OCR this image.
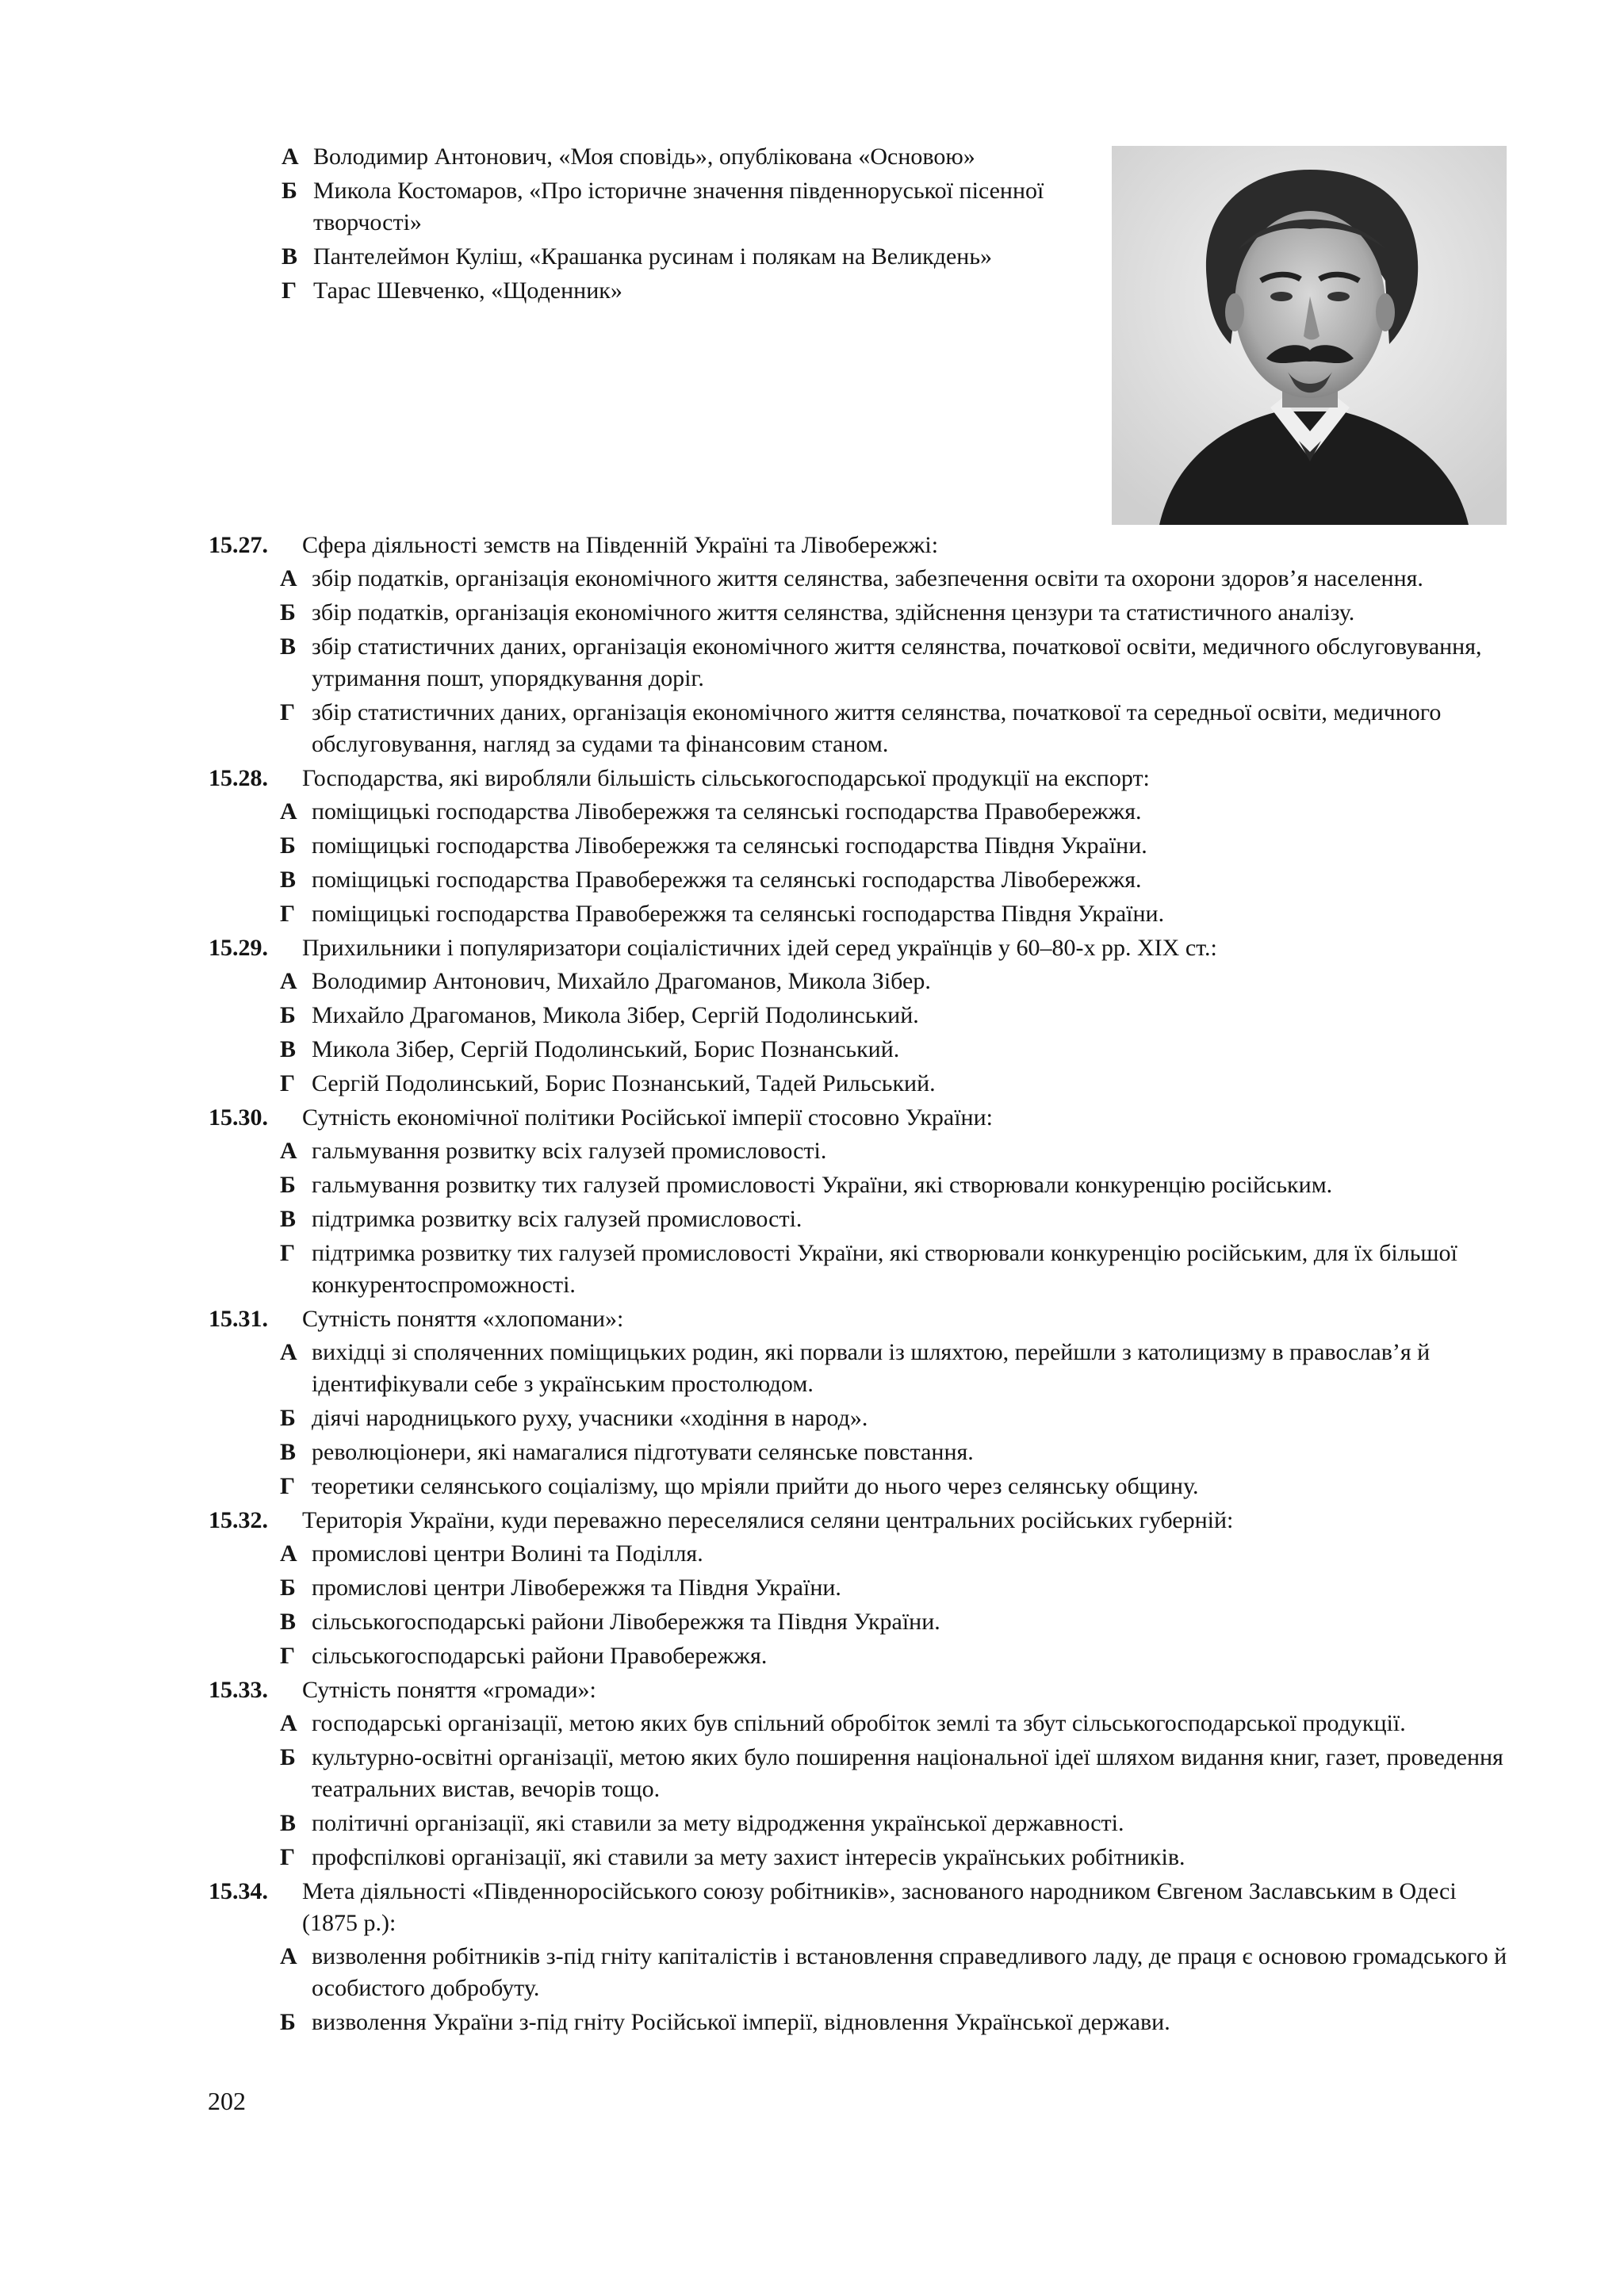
А Володимир Антонович, «Моя сповідь», опублікована «Основою»
Б Микола Костомаров, «Про історичне значення південноруської пісенної творчості»
В Пантелеймон Куліш, «Крашанка русинам і полякам на Великдень»
Г Тарас Шевченко, «Щоденник»
15.27. Сфера діяльності земств на Південній Україні та Лівобережжі:
А збір податків, організація економічного життя селянства, забезпечення освіти та охорони здоров’я населення.
Б збір податків, організація економічного життя селянства, здійснення цензури та статистичного аналізу.
В збір статистичних даних, організація економічного життя селянства, початкової освіти, медичного обслуговування, утримання пошт, упорядкування доріг.
Г збір статистичних даних, організація економічного життя селянства, початкової та середньої освіти, медичного обслуговування, нагляд за судами та фінансовим станом.
15.28. Господарства, які виробляли більшість сільськогосподарської продукції на експорт:
А поміщицькі господарства Лівобережжя та селянські господарства Правобережжя.
Б поміщицькі господарства Лівобережжя та селянські господарства Півдня України.
В поміщицькі господарства Правобережжя та селянські господарства Лівобережжя.
Г поміщицькі господарства Правобережжя та селянські господарства Півдня України.
15.29. Прихильники і популяризатори соціалістичних ідей серед українців у 60–80-х рр. XIX ст.:
А Володимир Антонович, Михайло Драгоманов, Микола Зібер.
Б Михайло Драгоманов, Микола Зібер, Сергій Подолинський.
В Микола Зібер, Сергій Подолинський, Борис Познанський.
Г Сергій Подолинський, Борис Познанський, Тадей Рильський.
15.30. Сутність економічної політики Російської імперії стосовно України:
А гальмування розвитку всіх галузей промисловості.
Б гальмування розвитку тих галузей промисловості України, які створювали конкуренцію російським.
В підтримка розвитку всіх галузей промисловості.
Г підтримка розвитку тих галузей промисловості України, які створювали конкуренцію російським, для їх більшої конкурентоспроможності.
15.31. Сутність поняття «хлопомани»:
А вихідці зі споляченних поміщицьких родин, які порвали із шляхтою, перейшли з католицизму в православ’я й ідентифікували себе з українським простолюдом.
Б діячі народницького руху, учасники «ходіння в народ».
В революціонери, які намагалися підготувати селянське повстання.
Г теоретики селянського соціалізму, що мріяли прийти до нього через селянську общину.
15.32. Територія України, куди переважно переселялися селяни центральних російських губерній:
А промислові центри Волині та Поділля.
Б промислові центри Лівобережжя та Півдня України.
В сільськогосподарські райони Лівобережжя та Півдня України.
Г сільськогосподарські райони Правобережжя.
15.33. Сутність поняття «громади»:
А господарські організації, метою яких був спільний обробіток землі та збут сільськогосподарської продукції.
Б культурно-освітні організації, метою яких було поширення національної ідеї шляхом видання книг, газет, проведення театральних вистав, вечорів тощо.
В політичні організації, які ставили за мету відродження української державності.
Г профспілкові організації, які ставили за мету захист інтересів українських робітників.
15.34. Мета діяльності «Південноросійського союзу робітників», заснованого народником Євгеном Заславським в Одесі (1875 р.):
А визволення робітників з-під гніту капіталістів і встановлення справедливого ладу, де праця є основою громадського й особистого добробуту.
Б визволення України з-під гніту Російської імперії, відновлення Української держави.
202
